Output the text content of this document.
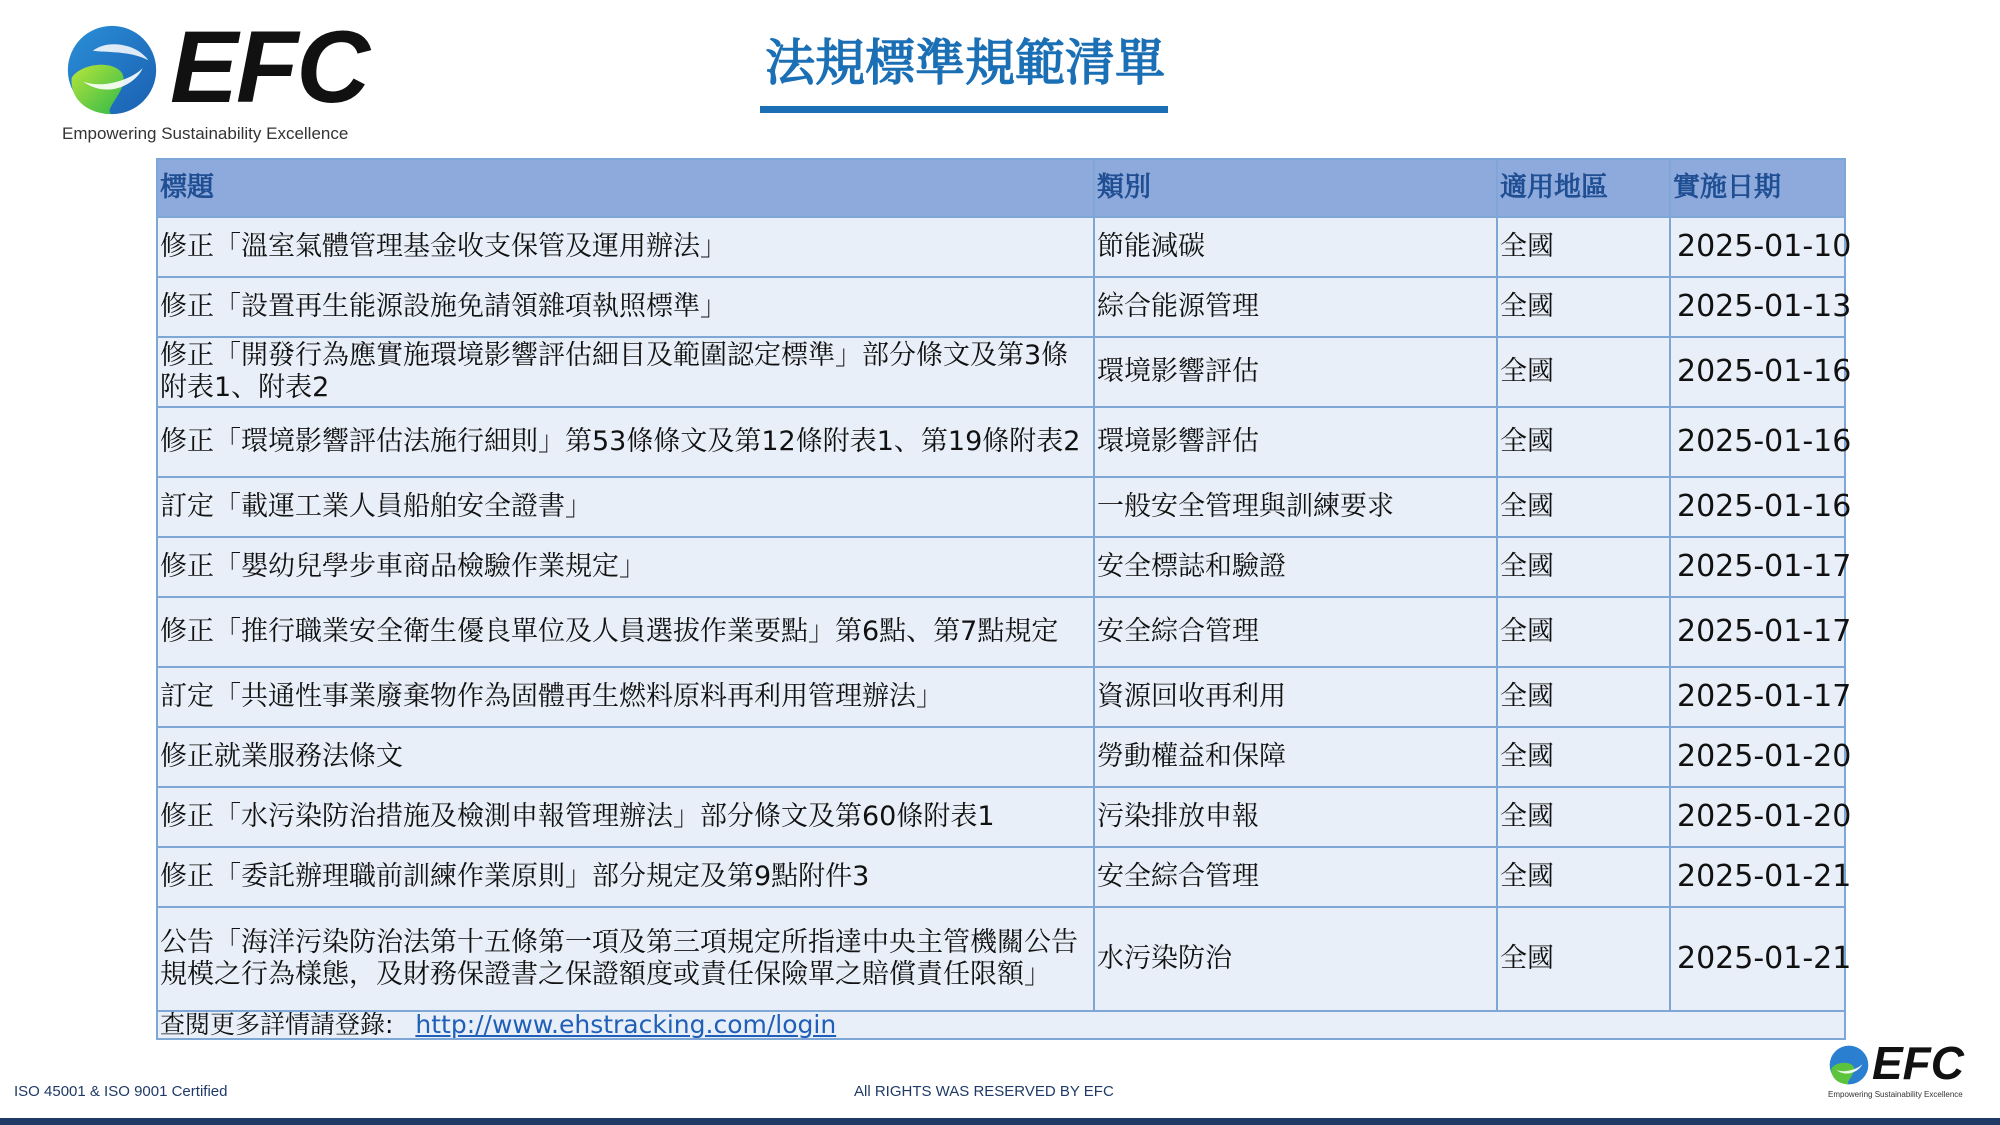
EFC
Empowering Sustainability Excellence
法規標準規範清單
標題	類別	適用地區	實施日期
修正「溫室氣體管理基金收支保管及運用辦法」	節能減碳	全國	2025-01-10
修正「設置再生能源設施免請領雜項執照標準」	綜合能源管理	全國	2025-01-13
修正「開發行為應實施環境影響評估細目及範圍認定標準」部分條文及第3條附表1、附表2	環境影響評估	全國	2025-01-16
修正「環境影響評估法施行細則」第53條條文及第12條附表1、第19條附表2	環境影響評估	全國	2025-01-16
訂定「載運工業人員船舶安全證書」	一般安全管理與訓練要求	全國	2025-01-16
修正「嬰幼兒學步車商品檢驗作業規定」	安全標誌和驗證	全國	2025-01-17
修正「推行職業安全衛生優良單位及人員選拔作業要點」第6點、第7點規定	安全綜合管理	全國	2025-01-17
訂定「共通性事業廢棄物作為固體再生燃料原料再利用管理辦法」	資源回收再利用	全國	2025-01-17
修正就業服務法條文	勞動權益和保障	全國	2025-01-20
修正「水污染防治措施及檢測申報管理辦法」部分條文及第60條附表1	污染排放申報	全國	2025-01-20
修正「委託辦理職前訓練作業原則」部分規定及第9點附件3	安全綜合管理	全國	2025-01-21
公告「海洋污染防治法第十五條第一項及第三項規定所指達中央主管機關公告規模之行為樣態，及財務保證書之保證額度或責任保險單之賠償責任限額」	水污染防治	全國	2025-01-21
查閱更多詳情請登錄: http://www.ehstracking.com/login			
ISO 45001 & ISO 9001 Certified	All RIGHTS WAS RESERVED BY EFC
EFC
Empowering Sustainability Excellence
